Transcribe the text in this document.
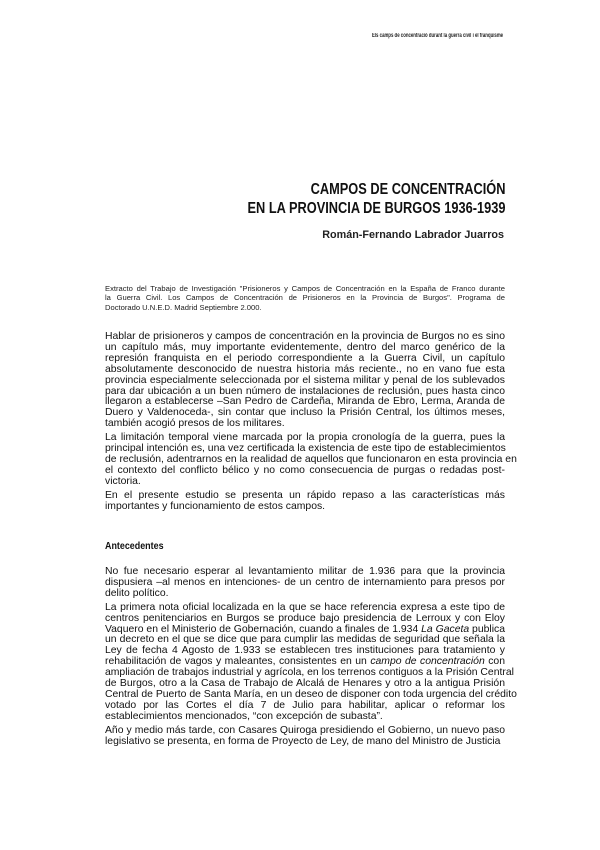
Els camps de concentració durant la guerra civil i el franquisme
CAMPOS DE CONCENTRACIÓN
EN LA PROVINCIA DE BURGOS 1936-1939
Román-Fernando Labrador Juarros
Extracto del Trabajo de Investigación "Prisioneros y Campos de Concentración en la España de Franco durante
la Guerra Civil. Los Campos de Concentración de Prisioneros en la Provincia de Burgos". Programa de
Doctorado U.N.E.D. Madrid Septiembre 2.000.
Hablar de prisioneros y campos de concentración en la provincia de Burgos no es sino
un capítulo más, muy importante evidentemente, dentro del marco genérico de la
represión franquista en el periodo correspondiente a la Guerra Civil, un capítulo
absolutamente desconocido de nuestra historia más reciente., no en vano fue esta
provincia especialmente seleccionada por el sistema militar y penal de los sublevados
para dar ubicación a un buen número de instalaciones de reclusión, pues hasta cinco
llegaron a establecerse –San Pedro de Cardeña, Miranda de Ebro, Lerma, Aranda de
Duero y Valdenoceda-, sin contar que incluso la Prisión Central, los últimos meses,
también acogió presos de los militares.
La limitación temporal viene marcada por la propia cronología de la guerra, pues la
principal intención es, una vez certificada la existencia de este tipo de establecimientos
de reclusión, adentrarnos en la realidad de aquellos que funcionaron en esta provincia en
el contexto del conflicto bélico y no como consecuencia de purgas o redadas post-
victoria.
En el presente estudio se presenta un rápido repaso a las características más
importantes y funcionamiento de estos campos.
Antecedentes
No fue necesario esperar al levantamiento militar de 1.936 para que la provincia
dispusiera –al menos en intenciones- de un centro de internamiento para presos por
delito político.
La primera nota oficial localizada en la que se hace referencia expresa a este tipo de
centros penitenciarios en Burgos se produce bajo presidencia de Lerroux y con Eloy
Vaquero en el Ministerio de Gobernación, cuando a finales de 1.934 La Gaceta publica
un decreto en el que se dice que para cumplir las medidas de seguridad que señala la
Ley de fecha 4 Agosto de 1.933 se establecen tres instituciones para tratamiento y
rehabilitación de vagos y maleantes, consistentes en un campo de concentración con
ampliación de trabajos industrial y agrícola, en los terrenos contiguos a la Prisión Central
de Burgos, otro a la Casa de Trabajo de Alcalá de Henares y otro a la antigua Prisión
Central de Puerto de Santa María, en un deseo de disponer con toda urgencia del crédito
votado por las Cortes el día 7 de Julio para habilitar, aplicar o reformar los
establecimientos mencionados, “con excepción de subasta”.
Año y medio más tarde, con Casares Quiroga presidiendo el Gobierno, un nuevo paso
legislativo se presenta, en forma de Proyecto de Ley, de mano del Ministro de Justicia
